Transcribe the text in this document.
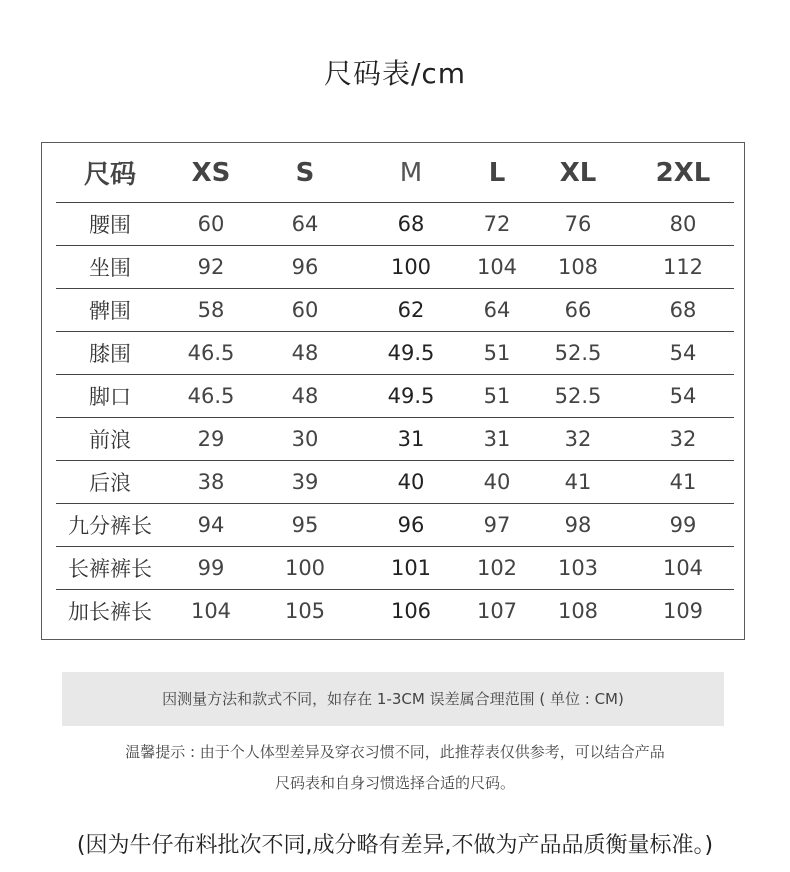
尺码表/cm
尺码	XS	S	M	L	XL	2XL
腰围	60	64	68	72	76	80
坐围	92	96	100	104	108	112
髀围	58	60	62	64	66	68
膝围	46.5	48	49.5	51	52.5	54
脚口	46.5	48	49.5	51	52.5	54
前浪	29	30	31	31	32	32
后浪	38	39	40	40	41	41
九分裤长	94	95	96	97	98	99
长裤裤长	99	100	101	102	103	104
加长裤长	104	105	106	107	108	109
因测量方法和款式不同，如存在 1-3CM 误差属合理范围 ( 单位 : CM)
温馨提示 : 由于个人体型差异及穿衣习惯不同，此推荐表仅供参考，可以结合产品
尺码表和自身习惯选择合适的尺码。
(因为牛仔布料批次不同,成分略有差异,不做为产品品质衡量标准。)
